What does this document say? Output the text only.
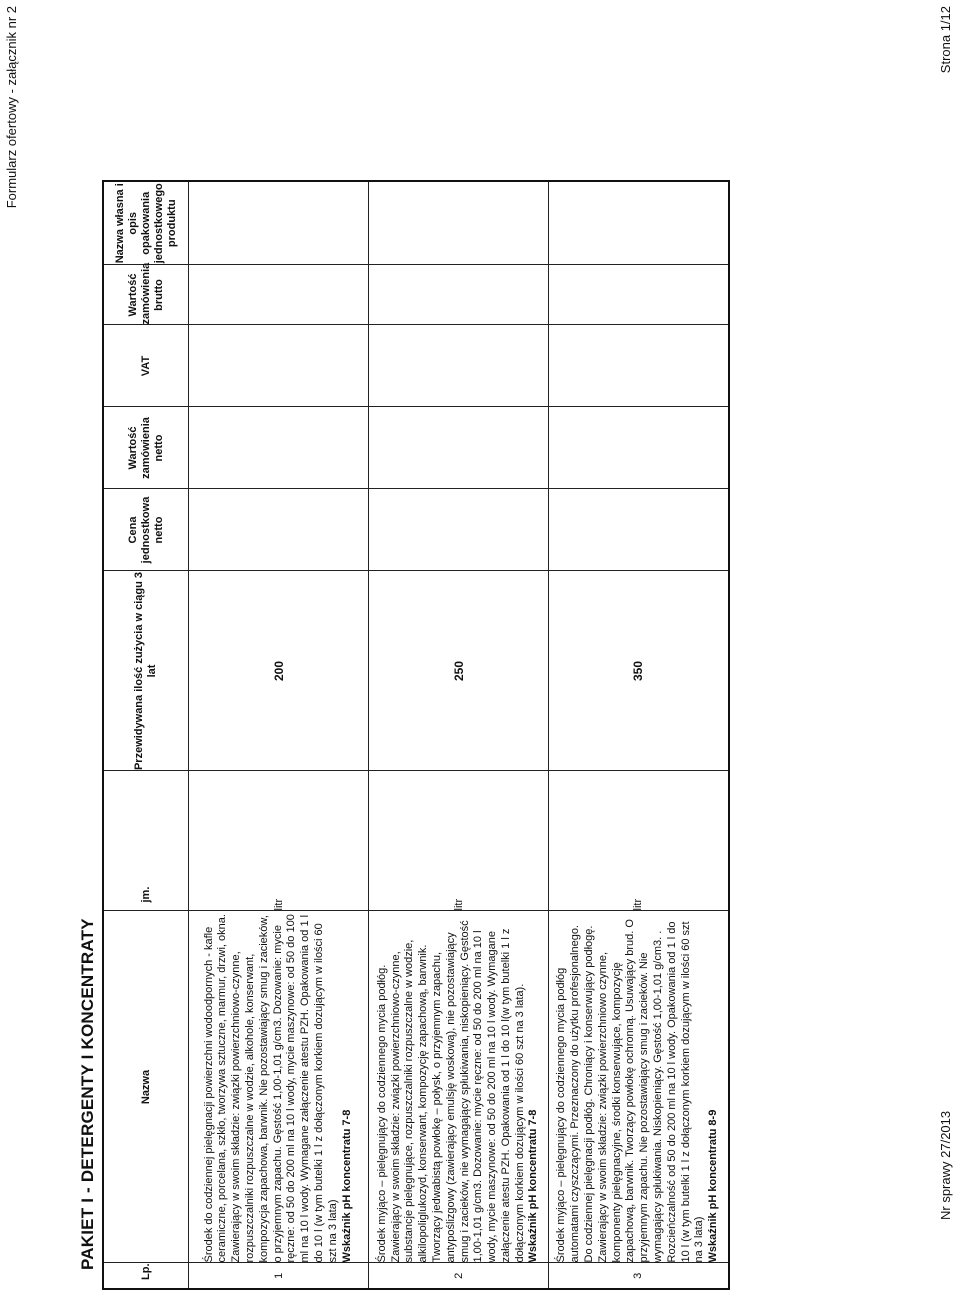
Formularz ofertowy - załącznik nr 2
PAKIET I - DETERGENTY I KONCENTRATY
Lp.	Nazwa	jm.	Przewidywana ilość zużycia w ciągu 3 lat	Cena jednostkowa netto	Wartość zamówienia netto	VAT	Wartość zamówienia brutto	Nazwa własna i opis opakowania jednostkowego produktu
1	Środek do codziennej pielęgnacji powierzchni wodoodpornych - kafle ceramiczne, porcelana, szkło, tworzywa sztuczne, marmur, drzwi, okna. Zawierający w swoim składzie: związki powierzchniowo-czynne, rozpuszczalniki rozpuszczalne w wodzie, alkohole, konserwant, kompozycja zapachowa, barwnik. Nie pozostawiający smug i zacieków, o przyjemnym zapachu. Gęstość 1,00-1,01 g/cm3. Dozowanie: mycie ręczne: od 50 do 200 ml na 10 l wody, mycie maszynowe: od 50 do 100 ml na 10 l wody. Wymagane załączenie atestu PZH. Opakowania od 1 l do 10 l (w tym butelki 1 l z dołączonym korkiem dozującym w ilości 60 szt na 3 lata) Wskaźnik pH koncentratu 7-8	litr	200					
2	Środek myjąco – pielęgnujący do codziennego mycia podłóg. Zawierający w swoim składzie: związki powierzchniowo-czynne, substancje pielęgnujące, rozpuszczalniki rozpuszczalne w wodzie, alkilopoliglukozyd, konserwant, kompozycję zapachową, barwnik. Tworzący jedwabistą powłokę – połysk, o przyjemnym zapachu, antypoślizgowy (zawierający emulsję woskową), nie pozostawiający smug i zacieków, nie wymagający spłukiwania, niskopieniący. Gęstość 1,00-1,01 g/cm3. Dozowanie: mycie ręczne: od 50 do 200 ml na 10 l wody, mycie maszynowe: od 50 do 200 ml na 10 l wody. Wymagane załączenie atestu PZH. Opakowania od 1 l do 10 l(w tym butelki 1 l z dołączonym korkiem dozującym w ilości 60 szt na 3 lata). Wskaźnik pH koncentratu 7-8	litr	250					
3	Środek myjąco – pielęgnujący do codziennego mycia podłóg automatami czyszczącymi. Przeznaczony do użytku profesjonalnego. Do codziennej pielęgnacji podłóg. Chroniący i konserwujący podłogę. Zawierający w swoim składzie: związki powierzchniowo czynne, komponenty pielęgnacyjne, środki konserwujące, kompozycję zapachową, barwnik. Tworzący powłokę ochronną. Usuwający brud. O przyjemnym zapachu. Nie pozostawiający smug i zacieków. Nie wymagający spłukiwania. Niskopieniący. Gęstość 1,00-1,01 g/cm3. . Rozcieńczalność od 50 do 200 ml na 10 l wody. Opakowania od 1 l do 10 l (w tym butelki 1 l z dołączonym korkiem dozującym w ilości 60 szt na 3 lata) Wskaźnik pH koncentratu 8-9	litr	350					
Nr sprawy 27/2013
Strona 1/12
